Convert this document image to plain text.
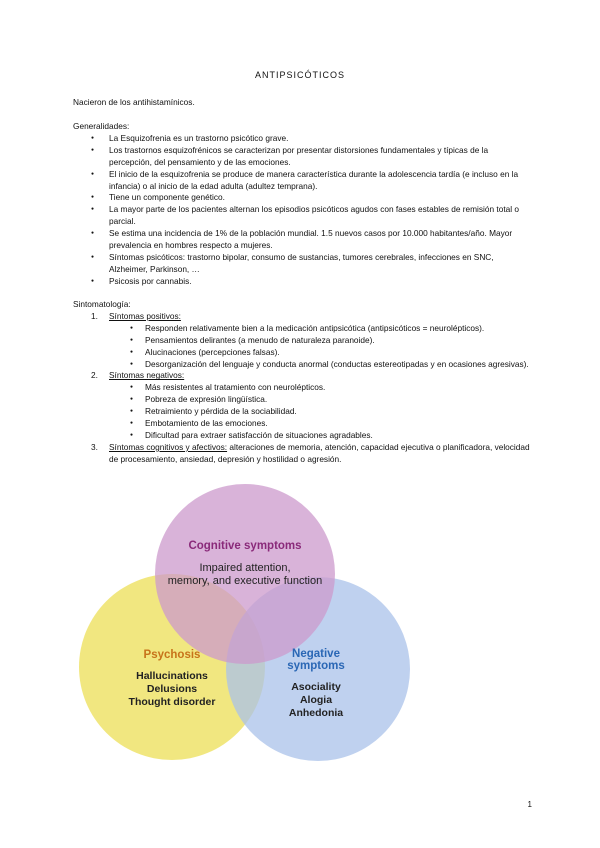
ANTIPSICÓTICOS
Nacieron de los antihistamínicos.
Generalidades:
● La Esquizofrenia es un trastorno psicótico grave.
● Los trastornos esquizofrénicos se caracterizan por presentar distorsiones fundamentales y típicas de la percepción, del pensamiento y de las emociones.
● El inicio de la esquizofrenia se produce de manera característica durante la adolescencia tardía (e incluso en la infancia) o al inicio de la edad adulta (adultez temprana).
● Tiene un componente genético.
● La mayor parte de los pacientes alternan los episodios psicóticos agudos con fases estables de remisión total o parcial.
● Se estima una incidencia de 1% de la población mundial. 1.5 nuevos casos por 10.000 habitantes/año. Mayor prevalencia en hombres respecto a mujeres.
● Síntomas psicóticos: trastorno bipolar, consumo de sustancias, tumores cerebrales, infecciones en SNC, Alzheimer, Parkinson, …
● Psicosis por cannabis.
Sintomatología:
1. Síntomas positivos:
● Responden relativamente bien a la medicación antipsicótica (antipsicóticos = neurolépticos).
● Pensamientos delirantes (a menudo de naturaleza paranoide).
● Alucinaciones (percepciones falsas).
● Desorganización del lenguaje y conducta anormal (conductas estereotipadas y en ocasiones agresivas).
2. Síntomas negativos:
● Más resistentes al tratamiento con neurolépticos.
● Pobreza de expresión lingüística.
● Retraimiento y pérdida de la sociabilidad.
● Embotamiento de las emociones.
● Dificultad para extraer satisfacción de situaciones agradables.
3. Síntomas cognitivos y afectivos: alteraciones de memoria, atención, capacidad ejecutiva o planificadora, velocidad de procesamiento, ansiedad, depresión y hostilidad o agresión.
Cognitive symptoms
Impaired attention,
memory, and executive function
Psychosis
Hallucinations
Delusions
Thought disorder
Negative
symptoms
Asociality
Alogia
Anhedonia
1
